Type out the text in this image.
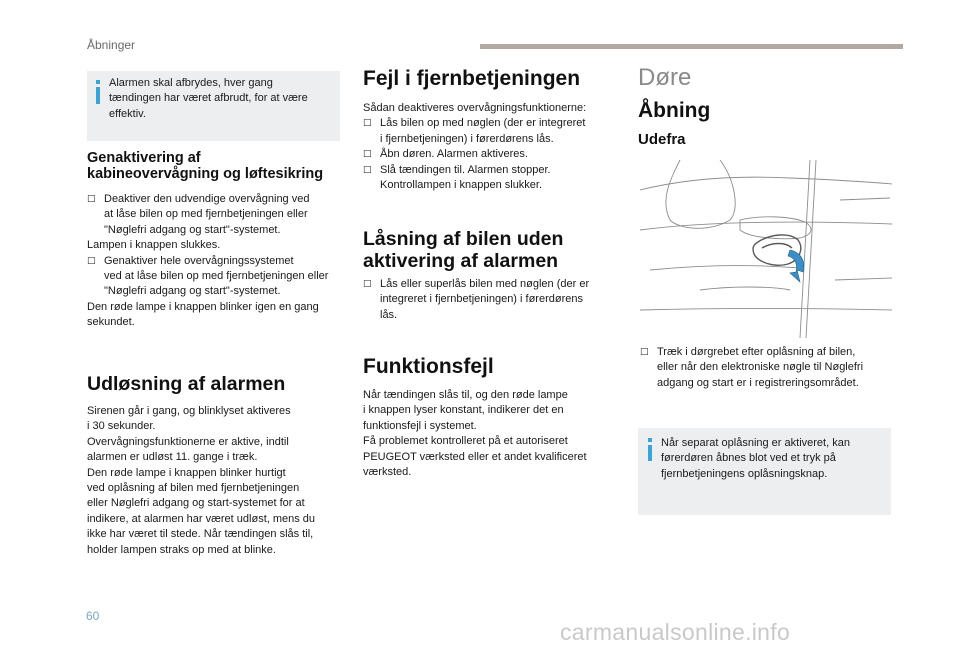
Åbninger
Alarmen skal afbrydes, hver gang
tændingen har været afbrudt, for at være
effektiv.
Genaktivering af
kabineovervågning og løftesikring
□ Deaktiver den udvendige overvågning ved
at låse bilen op med fjernbetjeningen eller
"Nøglefri adgang og start"-systemet.
Lampen i knappen slukkes.
□ Genaktiver hele overvågningssystemet
ved at låse bilen op med fjernbetjeningen eller
"Nøglefri adgang og start"-systemet.
Den røde lampe i knappen blinker igen en gang
sekundet.
Udløsning af alarmen
Sirenen går i gang, og blinklyset aktiveres
i 30 sekunder.
Overvågningsfunktionerne er aktive, indtil
alarmen er udløst 11. gange i træk.
Den røde lampe i knappen blinker hurtigt
ved oplåsning af bilen med fjernbetjeningen
eller Nøglefri adgang og start-systemet for at
indikere, at alarmen har været udløst, mens du
ikke har været til stede. Når tændingen slås til,
holder lampen straks op med at blinke.
Fejl i fjernbetjeningen
Sådan deaktiveres overvågningsfunktionerne:
□ Lås bilen op med nøglen (der er integreret
i fjernbetjeningen) i førerdørens lås.
□ Åbn døren. Alarmen aktiveres.
□ Slå tændingen til. Alarmen stopper.
Kontrollampen i knappen slukker.
Låsning af bilen uden
aktivering af alarmen
□ Lås eller superlås bilen med nøglen (der er
integreret i fjernbetjeningen) i førerdørens
lås.
Funktionsfejl
Når tændingen slås til, og den røde lampe
i knappen lyser konstant, indikerer det en
funktionsfejl i systemet.
Få problemet kontrolleret på et autoriseret
PEUGEOT værksted eller et andet kvalificeret
værksted.
Døre
Åbning
Udefra
□ Træk i dørgrebet efter oplåsning af bilen,
eller når den elektroniske nøgle til Nøglefri
adgang og start er i registreringsområdet.
Når separat oplåsning er aktiveret, kan
førerdøren åbnes blot ved et tryk på
fjernbetjeningens oplåsningsknap.
60
carmanualsonline.info
